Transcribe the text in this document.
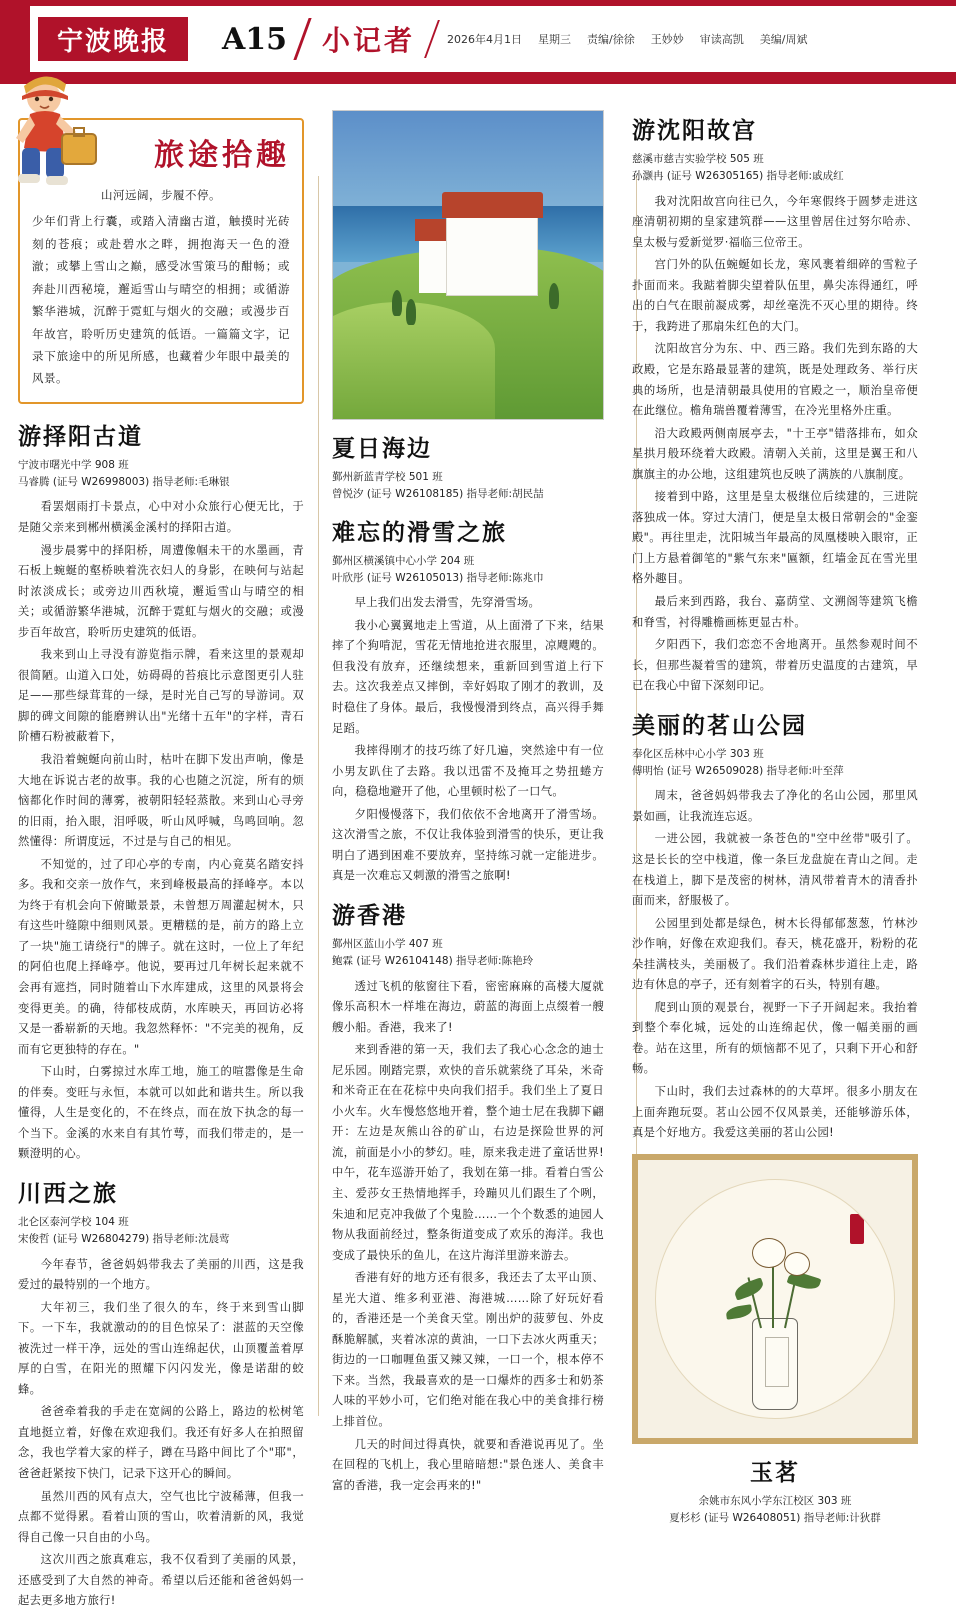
宁波晚报	A15 小记者	2026年4月1日 星期三 责编/徐徐 王妙妙 审读高凯 美编/周斌
旅途拾趣
山河远阔，步履不停。
少年们背上行囊，或踏入清幽古道，触摸时光砖刻的苍痕；或赴碧水之畔，拥抱海天一色的澄澈；或攀上雪山之巅，感受冰雪策马的酣畅；或奔赴川西秘境，邂逅雪山与晴空的相拥；或循游繁华港城，沉醉于霓虹与烟火的交融；或漫步百年故宫，聆听历史建筑的低语。一篇篇文字，记录下旅途中的所见所感，也藏着少年眼中最美的风景。
游择阳古道
宁波市曙光中学 908 班
马睿腾 (证号 W26998003) 指导老师:毛琳银

看罢烟雨打卡景点，心中对小众旅行心便无比，于是随父亲来到郴州横溪金溪村的择阳古道。

漫步晨雾中的择阳桥，周遭像帼未干的水墨画，青石板上蜿蜒的壑桥映着洗衣妇人的身影，在映何与站起时浓淡成长；或旁边川西秋境，邂逅雪山与晴空的相关；或循游繁华港城，沉醉于霓虹与烟火的交融；或漫步百年故宫，聆听历史建筑的低语。

我来到山上寻没有游览指示牌，看来这里的景观却很简陋。山道入口处，妨碍碍的苔痕比示意图更引人驻足——那些绿茸茸的一绿，是时光自己写的导游词。双脚的碑文间隙的能磨辨认出"光绪十五年"的字样，青石阶槽石粉被蔽着下，

我沿着蜿蜒向前山时，枯叶在脚下发出声响，像是大地在诉说古老的故事。我的心也随之沉淀，所有的烦恼都化作时间的薄雾，被朝阳轻轻蒸散。来到山心寻旁的旧雨，抬入眼，泪呼吸，听山风呼喊，鸟鸣回响。忽然懂得：所谓度远，不过是与自己的相见。

不知觉的，过了印心亭的专南，内心竟莫名踏安抖多。我和交亲一放作气，来到峰极最高的择峰亭。本以为终于有机会向下俯瞰景景，未曾想万周灌起树木，只有这些叶缝隙中细则风景。更糟糕的是，前方的路上立了一块"施工请绕行"的牌子。就在这时，一位上了年纪的阿伯也爬上择峰亭。他说，要再过几年树长起来就不会再有遮挡，同时随着山下水库建成，这里的风景将会变得更美。的确，待郁枝成荫，水库映天，再回访必将又是一番崭新的天地。我忽然释怀："不完美的视角，反而有它更独特的存在。"

下山时，白雾掠过水库工地，施工的喧嚣像是生命的伴奏。变旺与永恒，本就可以如此和谐共生。所以我懂得，人生是变化的，不在终点，而在放下执念的每一个当下。金溪的水来自有其竹萼，而我们带走的，是一颗澄明的心。

川西之旅
北仑区泰河学校 104 班
宋俊哲 (证号 W26804279) 指导老师:沈晨莺

今年春节，爸爸妈妈带我去了美丽的川西，这是我爱过的最特别的一个地方。

大年初三，我们坐了很久的车，终于来到雪山脚下。一下车，我就激动的的目色惊呆了：湛蓝的天空像被洗过一样干净，远处的雪山连绵起伏，山顶覆盖着厚厚的白雪，在阳光的照耀下闪闪发光，像是诺甜的蛟蜂。

爸爸牵着我的手走在宽阔的公路上，路边的松树笔直地挺立着，好像在欢迎我们。我还有好多人在拍照留念，我也学着大家的样子，蹲在马路中间比了个"耶"，爸爸赶紧按下快门，记录下这开心的瞬间。

虽然川西的风有点大，空气也比宁波稀薄，但我一点都不觉得累。看着山顶的雪山，吹着清新的风，我觉得自己像一只自由的小鸟。

这次川西之旅真难忘，我不仅看到了美丽的风景，还感受到了大自然的神奇。希望以后还能和爸爸妈妈一起去更多地方旅行!

夏日海边
鄞州新蓝青学校 501 班
曾悦汐 (证号 W26108185) 指导老师:胡民喆
难忘的滑雪之旅
鄞州区横溪镇中心小学 204 班
叶欣彤 (证号 W26105013) 指导老师:陈兆巾

早上我们出发去滑雪，先穿滑雪场。

我小心翼翼地走上雪道，从上面滑了下来，结果摔了个狗啃泥，雪花无情地抢进衣服里，凉飕飕的。但我没有放弃，还继续想来，重新回到雪道上行下去。这次我差点又摔倒，幸好妈取了刚才的教训，及时稳住了身体。最后，我慢慢滑到终点，高兴得手舞足蹈。

我摔得刚才的技巧练了好几遍，突然途中有一位小男友趴住了去路。我以迅雷不及掩耳之势扭蜷方向，稳稳地避开了他，心里顿时松了一口气。

夕阳慢慢落下，我们依依不舍地离开了滑雪场。这次滑雪之旅，不仅让我体验到滑雪的快乐，更让我明白了遇到困难不要放弃，坚持练习就一定能进步。真是一次难忘又刺激的滑雪之旅啊!

游香港
鄞州区蓝山小学 407 班
鲍霖 (证号 W26104148) 指导老师:陈艳玲

透过飞机的舷窗往下看，密密麻麻的高楼大厦就像乐高积木一样堆在海边，蔚蓝的海面上点缀着一艘艘小船。香港，我来了!

来到香港的第一天，我们去了我心心念念的迪士尼乐园。刚踏完票，欢快的音乐就萦绕了耳朵，米奇和米奇正在在花棕中央向我们招手。我们坐上了夏日小火车。火车慢悠悠地开着，整个迪士尼在我脚下翩开：左边是灰熊山谷的矿山，右边是探险世界的河流，前面是小小的梦幻。哇，原来我走进了童话世界! 中午，花车巡游开始了，我划在第一排。看着白雪公主、爱莎女王热情地挥手，玲蹦贝儿们跟生了个咧，朱迪和尼克冲我做了个鬼脸……一个个数悉的迪园人物从我面前经过，整条街道变成了欢乐的海洋。我也变成了最快乐的鱼儿，在这片海洋里游来游去。

香港有好的地方还有很多，我还去了太平山顶、星光大道、维多利亚港、海港城……除了好玩好看的，香港还是一个美食天堂。刚出炉的菠萝包、外皮酥脆解腻，夹着冰凉的黄油，一口下去冰火两重天；街边的一口咖喱鱼蛋又辣又辣，一口一个，根本停不下来。当然，我最喜欢的是一口爆炸的西多士和奶茶人味的平妙小可，它们绝对能在我心中的美食排行榜上排首位。

几天的时间过得真快，就要和香港说再见了。坐在回程的飞机上，我心里暗暗想:"景色迷人、美食丰富的香港，我一定会再来的!"

游沈阳故宫
慈溪市慈吉实验学校 505 班
孙灏冉 (证号 W26305165) 指导老师:戚成红

我对沈阳故宫向往已久，今年寒假终于圆梦走进这座清朝初期的皇家建筑群——这里曾居住过努尔哈赤、皇太极与爱新觉罗·福临三位帝王。

宫门外的队伍蜿蜒如长龙，寒风裹着细碎的雪粒子扑面而来。我踮着脚尖望着队伍里，鼻尖冻得通红，呼出的白气在眼前凝成雾，却丝毫洗不灭心里的期待。终于，我跨进了那扇朱红色的大门。

沈阳故宫分为东、中、西三路。我们先到东路的大政殿，它是东路最显著的建筑，既是处理政务、举行庆典的场所，也是清朝最具使用的官殿之一，顺治皇帝便在此继位。檐角瑞兽覆着薄雪，在冷光里格外庄重。

沿大政殿两侧南展亭去，"十王亭"错落排布，如众星拱月般环绕着大政殿。清朝入关前，这里是翼王和八旗旗主的办公地，这组建筑也反映了满族的八旗制度。

接着到中路，这里是皇太极继位后续建的，三进院落独成一体。穿过大清门，便是皇太极日常朝会的"金銮殿"。再往里走，沈阳城当年最高的凤凰楼映入眼帘，正门上方悬着御笔的"紫气东来"匾额，红墙金瓦在雪光里格外趣目。

最后来到西路，我台、嘉荫堂、文溯阁等建筑飞檐和脊雪，衬得雕檐画栋更显古朴。

夕阳西下，我们恋恋不舍地离开。虽然参观时间不长，但那些凝着雪的建筑，带着历史温度的古建筑，早已在我心中留下深刻印记。

美丽的茗山公园
奉化区岳林中心小学 303 班
傅明怡 (证号 W26509028) 指导老师:叶至萍

周末，爸爸妈妈带我去了净化的名山公园，那里风景如画，让我流连忘返。

一进公园，我就被一条苍色的"空中丝带"吸引了。这是长长的空中栈道，像一条巨龙盘旋在青山之间。走在栈道上，脚下是茂密的树林，清风带着青木的清香扑面而来，舒服极了。

公园里到处都是绿色，树木长得郁郁葱葱，竹林沙沙作响，好像在欢迎我们。春天，桃花盛开，粉粉的花朵挂满枝头，美丽极了。我们沿着森林步道往上走，路边有休息的亭子，还有刻着字的石头，特别有趣。

爬到山顶的观景台，视野一下子开阔起来。我抬着到整个奉化城，远处的山连绵起伏，像一幅美丽的画卷。站在这里，所有的烦恼都不见了，只剩下开心和舒畅。

下山时，我们去过森林的的大草坪。很多小朋友在上面奔跑玩耍。茗山公园不仅风景美，还能够游乐体，真是个好地方。我爱这美丽的茗山公园!

玉茗
余姚市东风小学东江校区 303 班
夏杉杉 (证号 W26408051) 指导老师:计狄群
